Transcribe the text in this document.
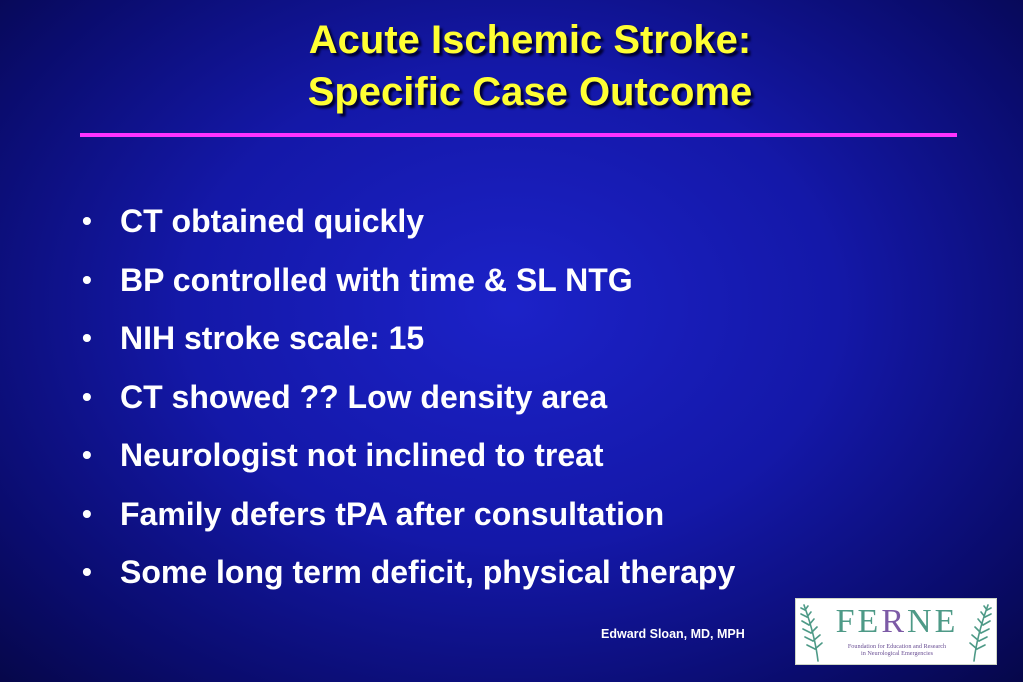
Acute Ischemic Stroke:
Specific Case Outcome
• CT obtained quickly
• BP controlled with time & SL NTG
• NIH stroke scale: 15
• CT showed ?? Low density area
• Neurologist not inclined to treat
• Family defers tPA after consultation
• Some long term deficit, physical therapy
Edward Sloan, MD, MPH	FERNE
Foundation for Education and Research
in Neurological Emergencies
